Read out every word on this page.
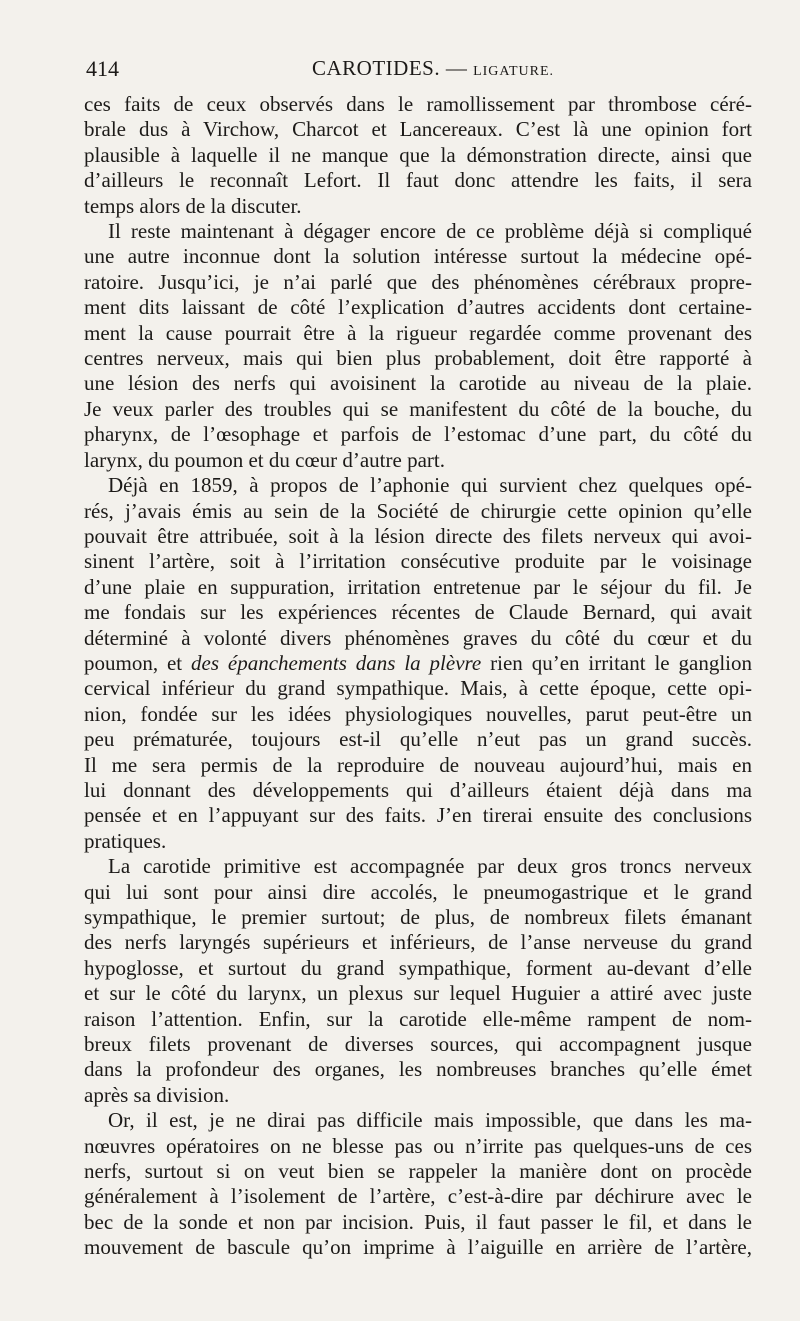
414	CAROTIDES. — LIGATURE.

ces faits de ceux observés dans le ramollissement par thrombose céré-
brale dus à Virchow, Charcot et Lancereaux. C’est là une opinion fort
plausible à laquelle il ne manque que la démonstration directe, ainsi que
d’ailleurs le reconnaît Lefort. Il faut donc attendre les faits, il sera
temps alors de la discuter.

Il reste maintenant à dégager encore de ce problème déjà si compliqué
une autre inconnue dont la solution intéresse surtout la médecine opé-
ratoire. Jusqu’ici, je n’ai parlé que des phénomènes cérébraux propre-
ment dits laissant de côté l’explication d’autres accidents dont certaine-
ment la cause pourrait être à la rigueur regardée comme provenant des
centres nerveux, mais qui bien plus probablement, doit être rapporté à
une lésion des nerfs qui avoisinent la carotide au niveau de la plaie.
Je veux parler des troubles qui se manifestent du côté de la bouche, du
pharynx, de l’œsophage et parfois de l’estomac d’une part, du côté du
larynx, du poumon et du cœur d’autre part.

Déjà en 1859, à propos de l’aphonie qui survient chez quelques opé-
rés, j’avais émis au sein de la Société de chirurgie cette opinion qu’elle
pouvait être attribuée, soit à la lésion directe des filets nerveux qui avoi-
sinent l’artère, soit à l’irritation consécutive produite par le voisinage
d’une plaie en suppuration, irritation entretenue par le séjour du fil. Je
me fondais sur les expériences récentes de Claude Bernard, qui avait
déterminé à volonté divers phénomènes graves du côté du cœur et du
poumon, et des épanchements dans la plèvre rien qu’en irritant le ganglion
cervical inférieur du grand sympathique. Mais, à cette époque, cette opi-
nion, fondée sur les idées physiologiques nouvelles, parut peut-être un
peu prématurée, toujours est-il qu’elle n’eut pas un grand succès.
Il me sera permis de la reproduire de nouveau aujourd’hui, mais en
lui donnant des développements qui d’ailleurs étaient déjà dans ma
pensée et en l’appuyant sur des faits. J’en tirerai ensuite des conclusions
pratiques.

La carotide primitive est accompagnée par deux gros troncs nerveux
qui lui sont pour ainsi dire accolés, le pneumogastrique et le grand
sympathique, le premier surtout; de plus, de nombreux filets émanant
des nerfs laryngés supérieurs et inférieurs, de l’anse nerveuse du grand
hypoglosse, et surtout du grand sympathique, forment au-devant d’elle
et sur le côté du larynx, un plexus sur lequel Huguier a attiré avec juste
raison l’attention. Enfin, sur la carotide elle-même rampent de nom-
breux filets provenant de diverses sources, qui accompagnent jusque
dans la profondeur des organes, les nombreuses branches qu’elle émet
après sa division.

Or, il est, je ne dirai pas difficile mais impossible, que dans les ma-
nœuvres opératoires on ne blesse pas ou n’irrite pas quelques-uns de ces
nerfs, surtout si on veut bien se rappeler la manière dont on procède
généralement à l’isolement de l’artère, c’est-à-dire par déchirure avec le
bec de la sonde et non par incision. Puis, il faut passer le fil, et dans le
mouvement de bascule qu’on imprime à l’aiguille en arrière de l’artère,
